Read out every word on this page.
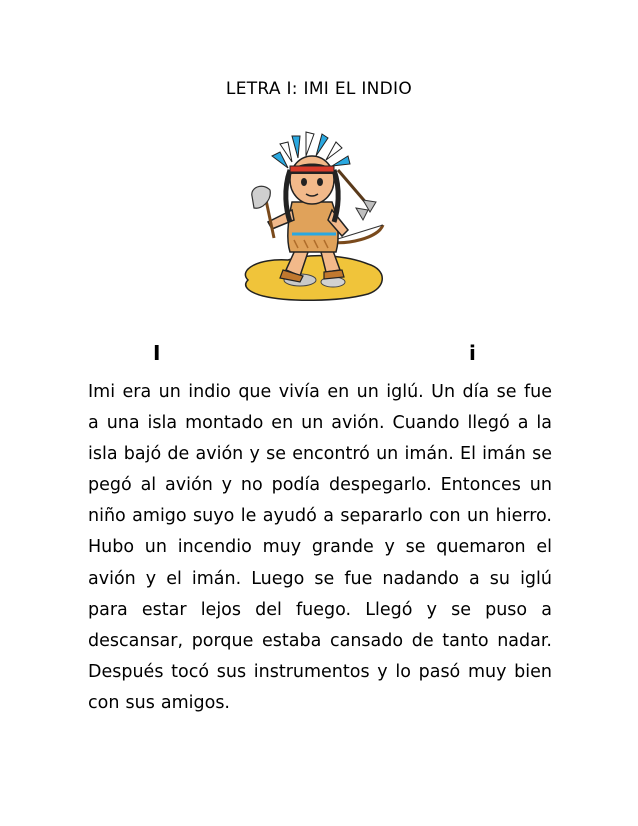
LETRA I: IMI EL INDIO
I	i

Imi era un indio que vivía en un iglú. Un día se fue a una isla montado en un avión. Cuando llegó a la isla bajó de avión y se encontró un imán. El imán se pegó al avión y no podía despegarlo. Entonces un niño amigo suyo le ayudó a separarlo con un hierro. Hubo un incendio muy grande y se quemaron el avión y el imán. Luego se fue nadando a su iglú para estar lejos del fuego. Llegó y se puso a descansar, porque estaba cansado de tanto nadar. Después tocó sus instrumentos y lo pasó muy bien con sus amigos.
